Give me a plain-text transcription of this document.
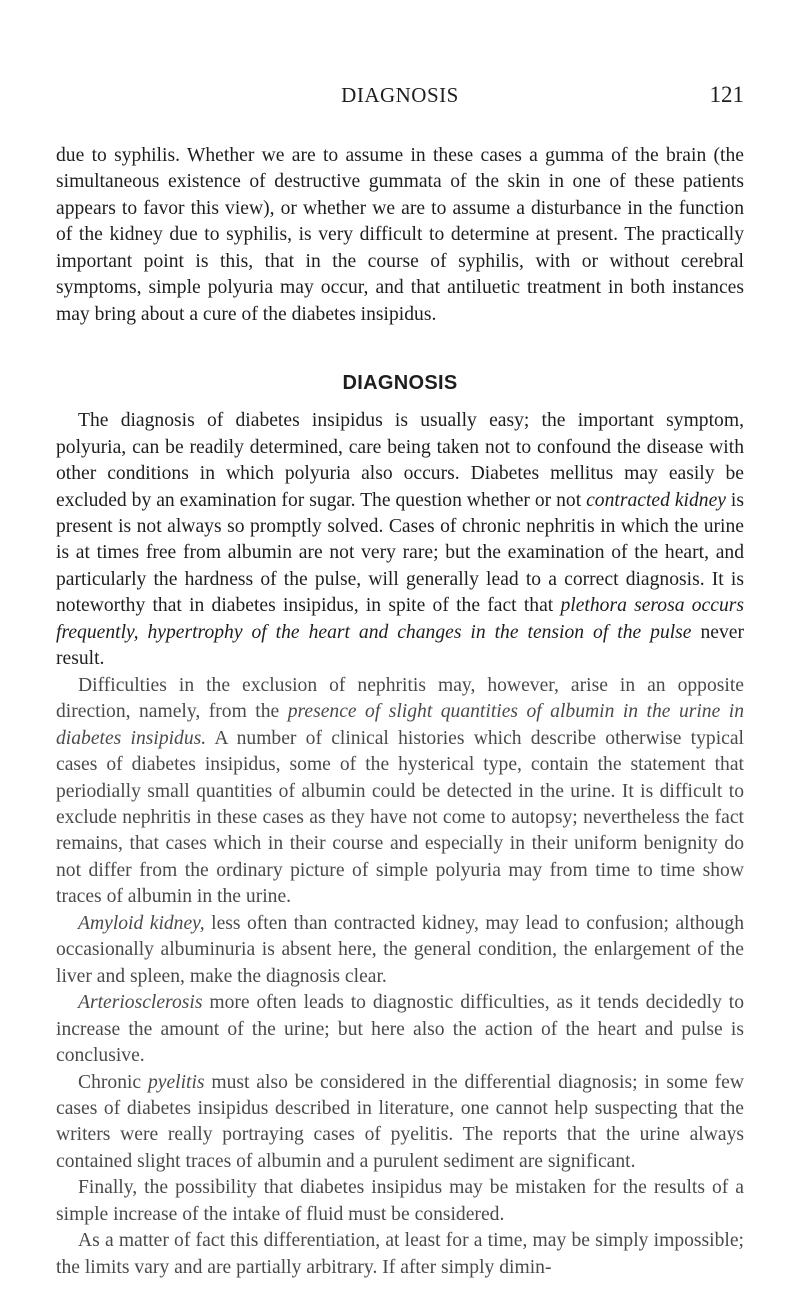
DIAGNOSIS	121

due to syphilis. Whether we are to assume in these cases a gumma of the brain (the simultaneous existence of destructive gummata of the skin in one of these patients appears to favor this view), or whether we are to assume a disturbance in the function of the kidney due to syphilis, is very difficult to determine at present. The practically important point is this, that in the course of syphilis, with or without cerebral symptoms, simple polyuria may occur, and that antiluetic treatment in both instances may bring about a cure of the diabetes insipidus.

DIAGNOSIS

The diagnosis of diabetes insipidus is usually easy; the important symptom, polyuria, can be readily determined, care being taken not to confound the disease with other conditions in which polyuria also occurs. Diabetes mellitus may easily be excluded by an examination for sugar. The question whether or not contracted kidney is present is not always so promptly solved. Cases of chronic nephritis in which the urine is at times free from albumin are not very rare; but the examination of the heart, and particularly the hardness of the pulse, will generally lead to a correct diagnosis. It is noteworthy that in diabetes insipidus, in spite of the fact that plethora serosa occurs frequently, hypertrophy of the heart and changes in the tension of the pulse never result.

Difficulties in the exclusion of nephritis may, however, arise in an opposite direction, namely, from the presence of slight quantities of albumin in the urine in diabetes insipidus. A number of clinical histories which describe otherwise typical cases of diabetes insipidus, some of the hysterical type, contain the statement that periodially small quantities of albumin could be detected in the urine. It is difficult to exclude nephritis in these cases as they have not come to autopsy; nevertheless the fact remains, that cases which in their course and especially in their uniform benignity do not differ from the ordinary picture of simple polyuria may from time to time show traces of albumin in the urine.

Amyloid kidney, less often than contracted kidney, may lead to confusion; although occasionally albuminuria is absent here, the general condition, the enlargement of the liver and spleen, make the diagnosis clear.

Arteriosclerosis more often leads to diagnostic difficulties, as it tends decidedly to increase the amount of the urine; but here also the action of the heart and pulse is conclusive.

Chronic pyelitis must also be considered in the differential diagnosis; in some few cases of diabetes insipidus described in literature, one cannot help suspecting that the writers were really portraying cases of pyelitis. The reports that the urine always contained slight traces of albumin and a purulent sediment are significant.

Finally, the possibility that diabetes insipidus may be mistaken for the results of a simple increase of the intake of fluid must be considered.

As a matter of fact this differentiation, at least for a time, may be simply impossible; the limits vary and are partially arbitrary. If after simply dimin-
